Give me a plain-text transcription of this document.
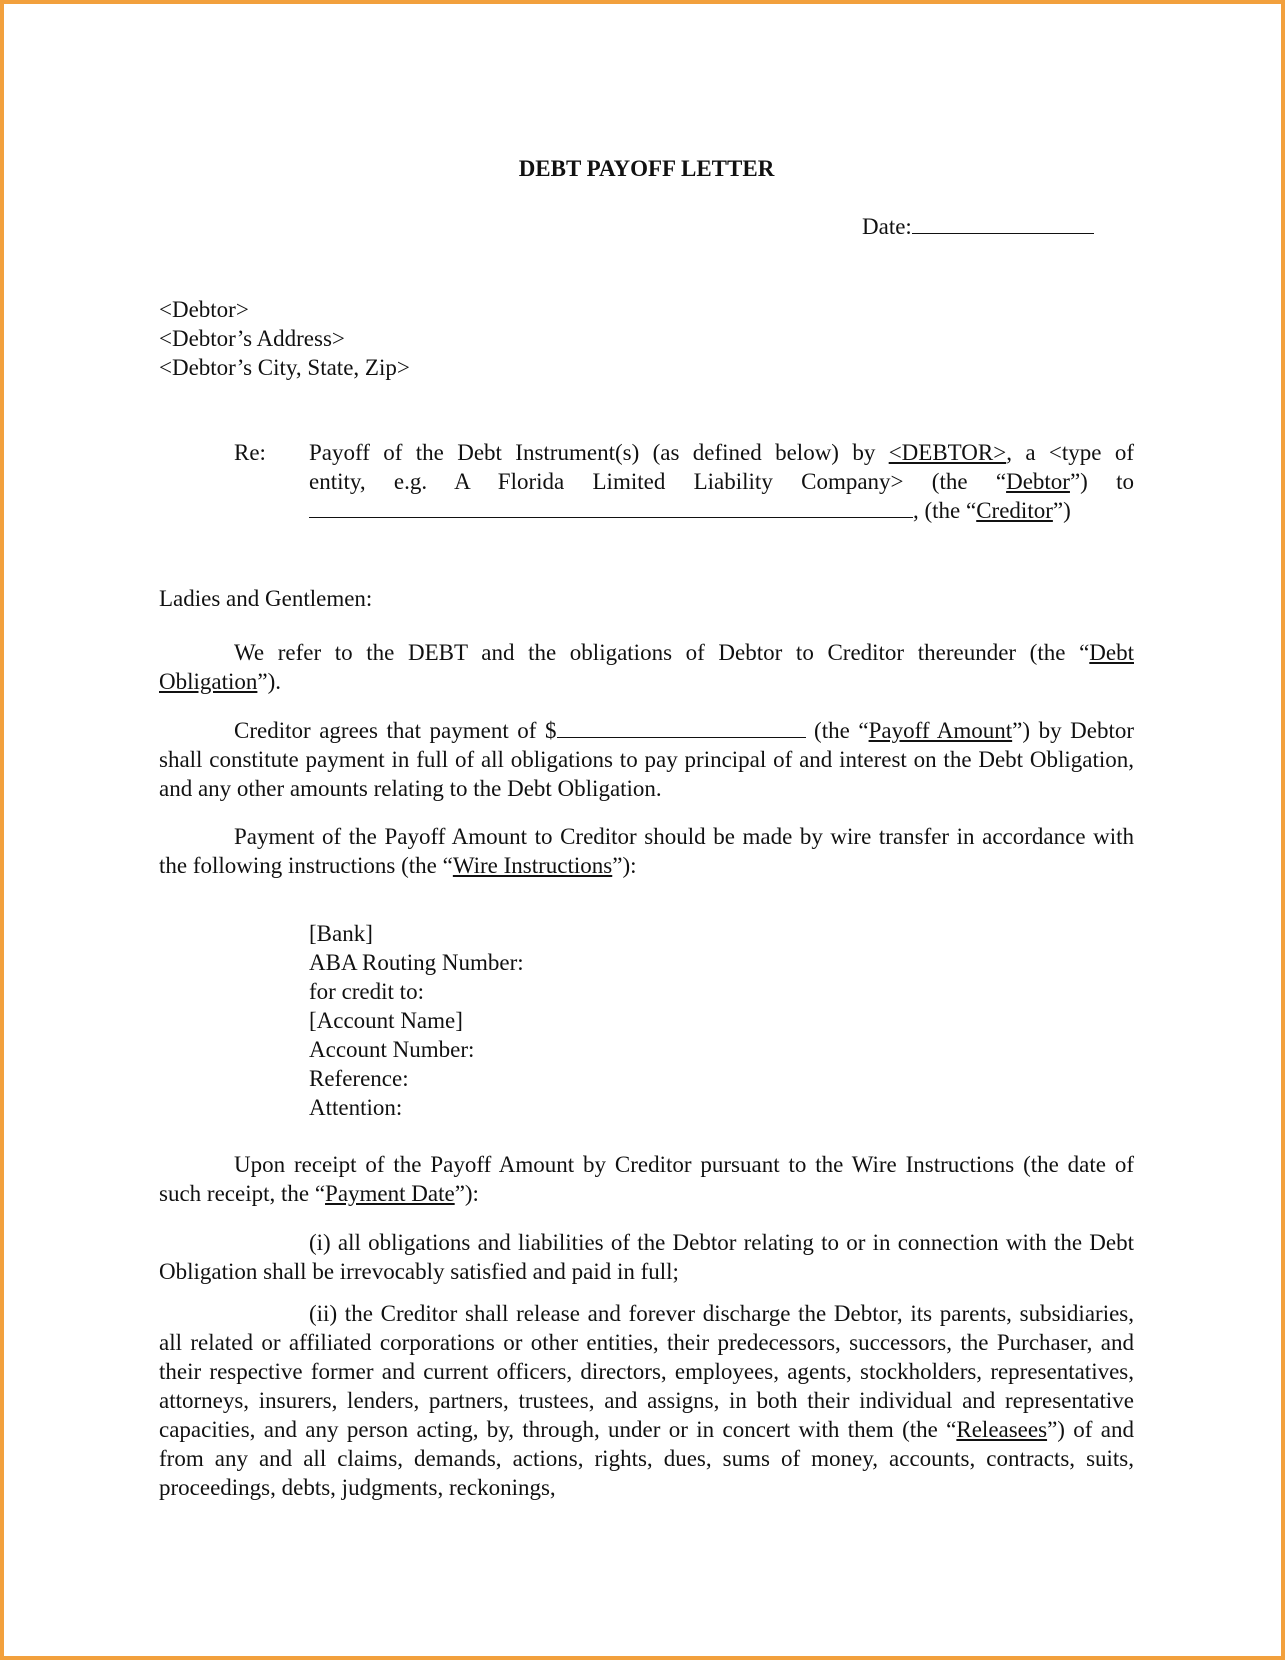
DEBT PAYOFF LETTER
Date:
<Debtor>
<Debtor’s Address>
<Debtor’s City, State, Zip>
Re: Payoff of the Debt Instrument(s) (as defined below) by <DEBTOR>, a <type of
entity, e.g. A Florida Limited Liability Company> (the “Debtor”) to
, (the “Creditor”)
Ladies and Gentlemen:
We refer to the DEBT and the obligations of Debtor to Creditor thereunder (the “Debt Obligation”).
Creditor agrees that payment of $	(the “Payoff Amount”) by Debtor shall constitute payment in full of all obligations to pay principal of and interest on the Debt Obligation, and any other amounts relating to the Debt Obligation.
Payment of the Payoff Amount to Creditor should be made by wire transfer in accordance with the following instructions (the “Wire Instructions”):
[Bank]
ABA Routing Number:
for credit to:
[Account Name]
Account Number:
Reference:
Attention:
Upon receipt of the Payoff Amount by Creditor pursuant to the Wire Instructions (the date of such receipt, the “Payment Date”):
(i) all obligations and liabilities of the Debtor relating to or in connection with the Debt Obligation shall be irrevocably satisfied and paid in full;
(ii) the Creditor shall release and forever discharge the Debtor, its parents, subsidiaries, all related or affiliated corporations or other entities, their predecessors, successors, the Purchaser, and their respective former and current officers, directors, employees, agents, stockholders, representatives, attorneys, insurers, lenders, partners, trustees, and assigns, in both their individual and representative capacities, and any person acting, by, through, under or in concert with them (the “Releasees”) of and from any and all claims, demands, actions, rights, dues, sums of money, accounts, contracts, suits, proceedings, debts, judgments, reckonings,
